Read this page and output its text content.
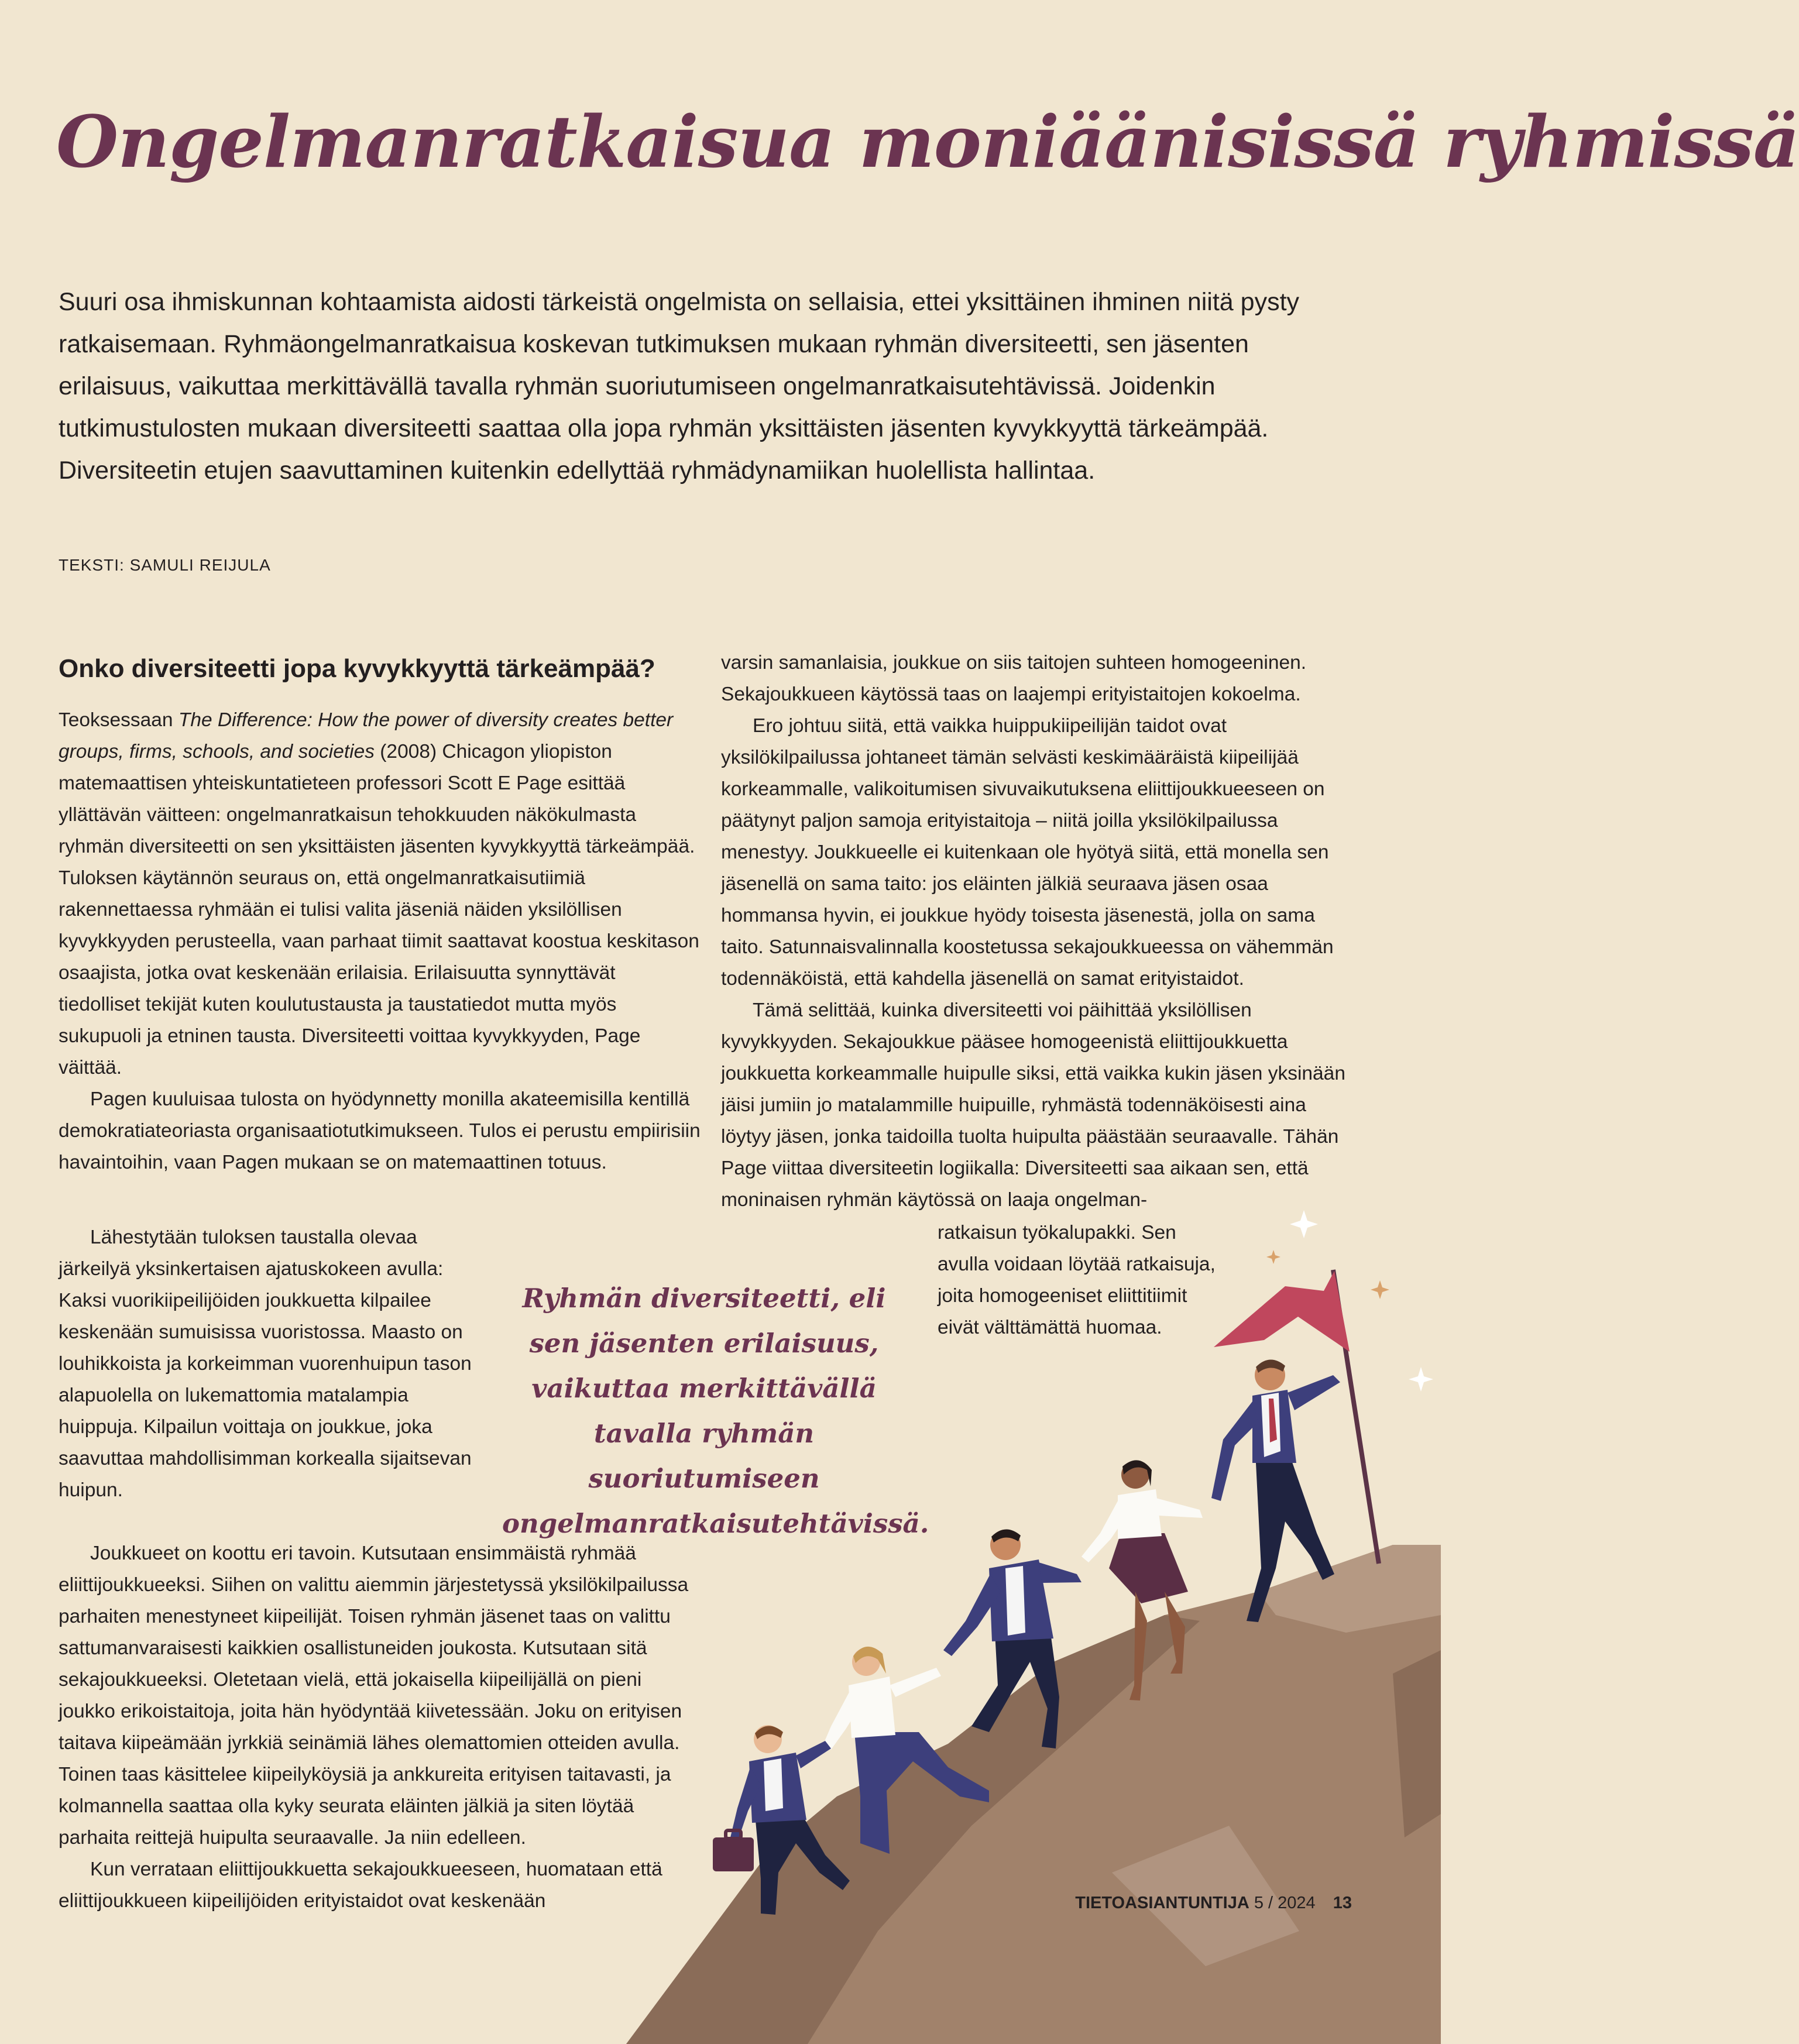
Ongelmanratkaisua moniäänisissä ryhmissä

Suuri osa ihmiskunnan kohtaamista aidosti tärkeistä ongelmista on sellaisia, ettei yksittäinen ihminen niitä pysty ratkaisemaan. Ryhmäongelmanratkaisua koskevan tutkimuksen mukaan ryhmän diversiteetti, sen jäsenten erilaisuus, vaikuttaa merkittävällä tavalla ryhmän suoriutumiseen ongelmanratkaisutehtävissä. Joidenkin tutkimustulosten mukaan diversiteetti saattaa olla jopa ryhmän yksittäisten jäsenten kyvykkyyttä tärkeämpää. Diversiteetin etujen saavuttaminen kuitenkin edellyttää ryhmädynamiikan huolellista hallintaa.

TEKSTI: SAMULI REIJULA

Onko diversiteetti jopa kyvykkyyttä tärkeämpää?

Teoksessaan The Difference: How the power of diversity creates better groups, firms, schools, and societies (2008) Chicagon yliopiston matemaattisen yhteiskuntatieteen professori Scott E Page esittää yllättävän väitteen: ongelmanratkaisun tehokkuuden näkökulmasta ryhmän diversiteetti on sen yksittäisten jäsenten kyvykkyyttä tärkeämpää. Tuloksen käytännön seuraus on, että ongelmanratkaisutiimiä rakennettaessa ryhmään ei tulisi valita jäseniä näiden yksilöllisen kyvykkyyden perusteella, vaan parhaat tiimit saattavat koostua keskitason osaajista, jotka ovat keskenään erilaisia. Erilaisuutta synnyttävät tiedolliset tekijät kuten koulutustausta ja taustatiedot mutta myös sukupuoli ja etninen tausta. Diversiteetti voittaa kyvykkyyden, Page väittää.

Pagen kuuluisaa tulosta on hyödynnetty monilla akateemisilla kentillä demokratiateoriasta organisaatiotutkimukseen. Tulos ei perustu empiirisiin havaintoihin, vaan Pagen mukaan se on matemaattinen totuus.

Lähestytään tuloksen taustalla olevaa järkeilyä yksinkertaisen ajatuskokeen avulla: Kaksi vuorikiipeilijöiden joukkuetta kilpailee keskenään sumuisissa vuoristossa. Maasto on louhikkoista ja korkeimman vuorenhuipun tason alapuolella on lukemattomia matalampia huippuja. Kilpailun voittaja on joukkue, joka saavuttaa mahdollisimman korkealla sijaitsevan huipun.

Ryhmän diversiteetti, eli sen jäsenten erilaisuus, vaikuttaa merkittävällä tavalla ryhmän suoriutumiseen ongelmanratkaisutehtävissä.

Joukkueet on koottu eri tavoin. Kutsutaan ensimmäistä ryhmää eliittijoukkueeksi. Siihen on valittu aiemmin järjestetyssä yksilökilpailussa parhaiten menestyneet kiipeilijät. Toisen ryhmän jäsenet taas on valittu sattumanvaraisesti kaikkien osallistuneiden joukosta. Kutsutaan sitä sekajoukkueeksi. Oletetaan vielä, että jokaisella kiipeilijällä on pieni joukko erikoistaitoja, joita hän hyödyntää kiivetessään. Joku on erityisen taitava kiipeämään jyrkkiä seinämiä lähes olemattomien otteiden avulla. Toinen taas käsittelee kiipeilyköysiä ja ankkureita erityisen taitavasti, ja kolmannella saattaa olla kyky seurata eläinten jälkiä ja siten löytää parhaita reittejä huipulta seuraavalle. Ja niin edelleen.

Kun verrataan eliittijoukkuetta sekajoukkueeseen, huomataan että eliittijoukkueen kiipeilijöiden erityistaidot ovat keskenään

varsin samanlaisia, joukkue on siis taitojen suhteen homogeeninen. Sekajoukkueen käytössä taas on laajempi erityistaitojen kokoelma.

Ero johtuu siitä, että vaikka huippukiipeilijän taidot ovat yksilökilpailussa johtaneet tämän selvästi keskimääräistä kiipeilijää korkeammalle, valikoitumisen sivuvaikutuksena eliittijoukkueeseen on päätynyt paljon samoja erityistaitoja – niitä joilla yksilökilpailussa menestyy. Joukkueelle ei kuitenkaan ole hyötyä siitä, että monella sen jäsenellä on sama taito: jos eläinten jälkiä seuraava jäsen osaa hommansa hyvin, ei joukkue hyödy toisesta jäsenestä, jolla on sama taito. Satunnaisvalinnalla koostetussa sekajoukkueessa on vähemmän todennäköistä, että kahdella jäsenellä on samat erityistaidot.

Tämä selittää, kuinka diversiteetti voi päihittää yksilöllisen kyvykkyyden. Sekajoukkue pääsee homogeenistä eliittijoukkuetta joukkuetta korkeammalle huipulle siksi, että vaikka kukin jäsen yksinään jäisi jumiin jo matalammille huipuille, ryhmästä todennäköisesti aina löytyy jäsen, jonka taidoilla tuolta huipulta päästään seuraavalle. Tähän Page viittaa diversiteetin logiikalla: Diversiteetti saa aikaan sen, että moninaisen ryhmän käytössä on laaja ongelman-

ratkaisun työkalupakki. Sen avulla voidaan löytää ratkaisuja, joita homogeeniset eliittitiimit eivät välttämättä huomaa.

TIETOASIANTUNTIJA 5 / 2024 13
